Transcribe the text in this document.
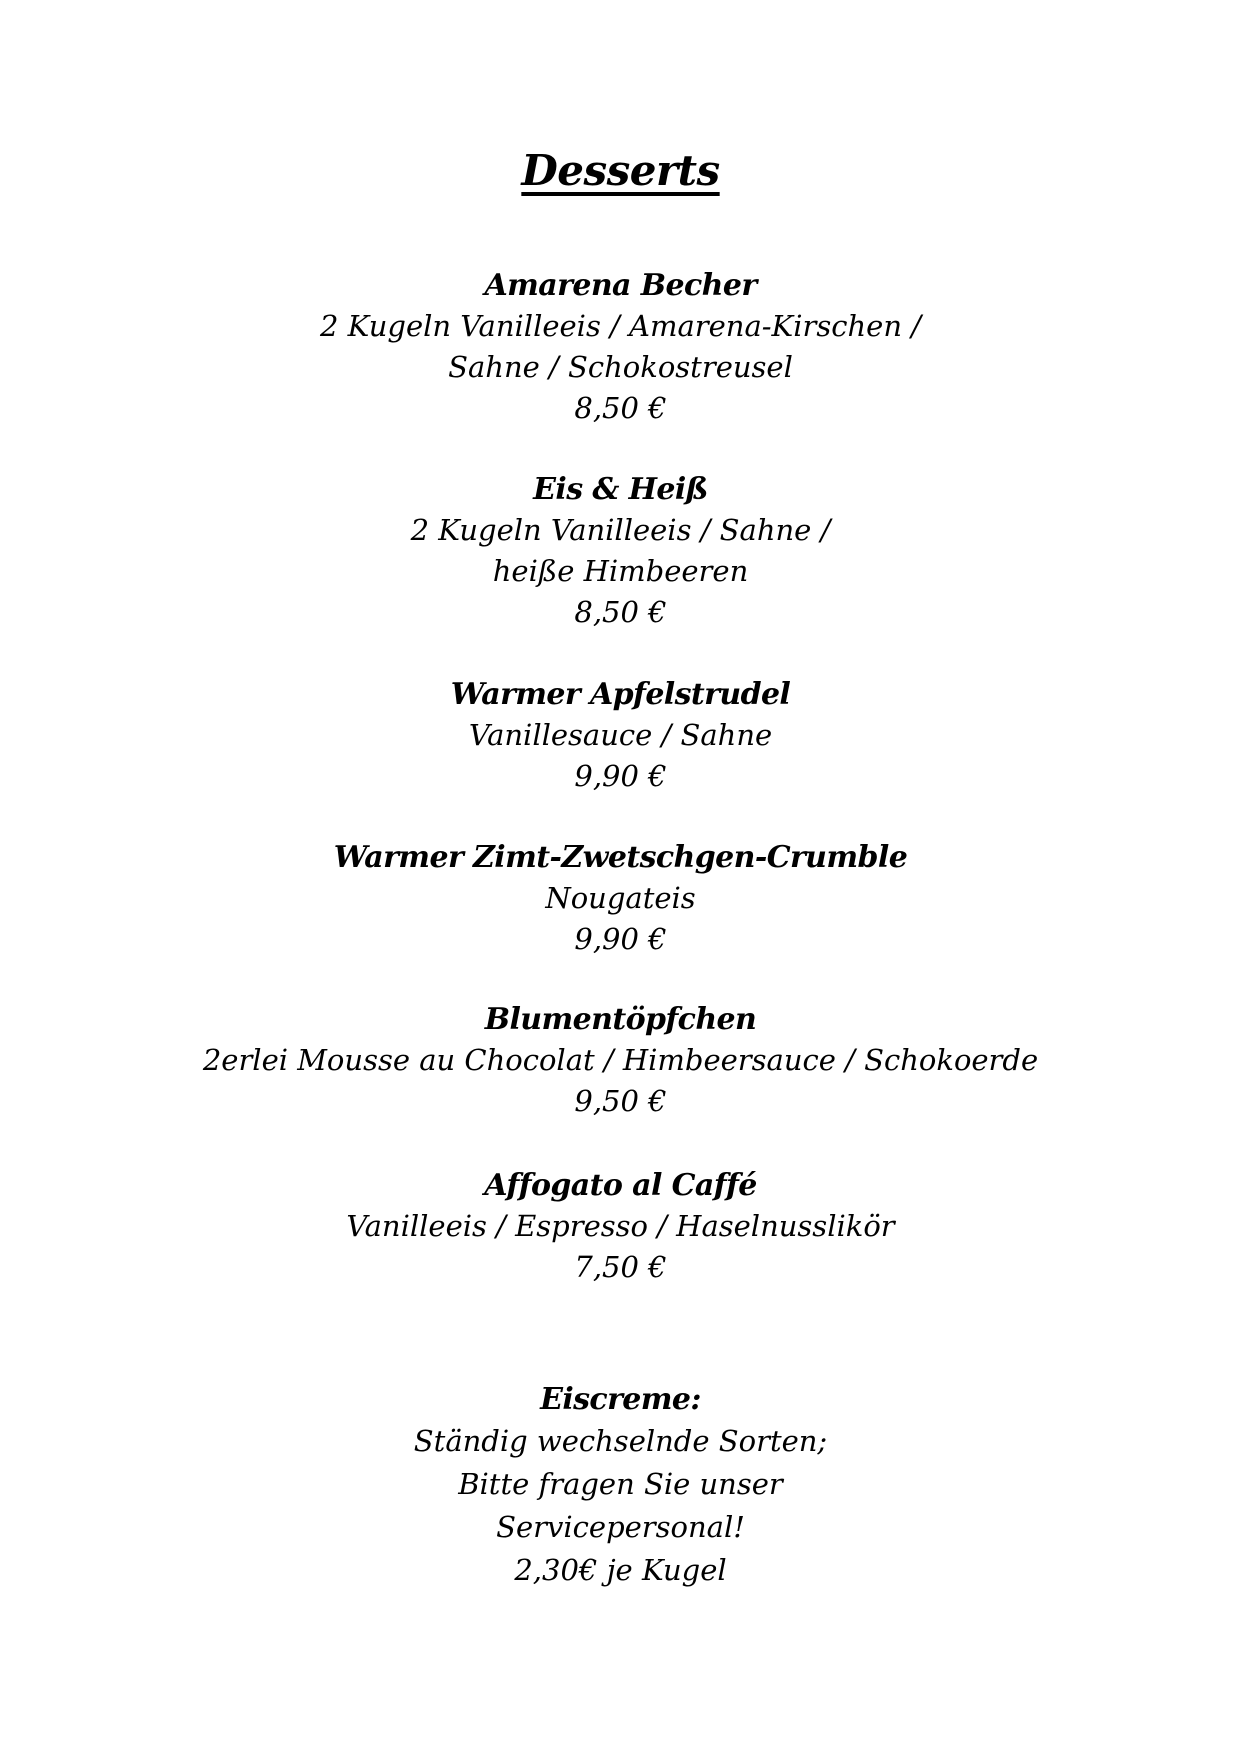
Desserts
Amarena Becher
2 Kugeln Vanilleeis / Amarena-Kirschen /
Sahne / Schokostreusel
8,50 €
Eis & Heiß
2 Kugeln Vanilleeis / Sahne /
heiße Himbeeren
8,50 €
Warmer Apfelstrudel
Vanillesauce / Sahne
9,90 €
Warmer Zimt-Zwetschgen-Crumble
Nougateis
9,90 €
Blumentöpfchen
2erlei Mousse au Chocolat / Himbeersauce / Schokoerde
9,50 €
Affogato al Caffé
Vanilleeis / Espresso / Haselnusslikör
7,50 €
Eiscreme:
Ständig wechselnde Sorten;
Bitte fragen Sie unser
Servicepersonal!
2,30€ je Kugel
